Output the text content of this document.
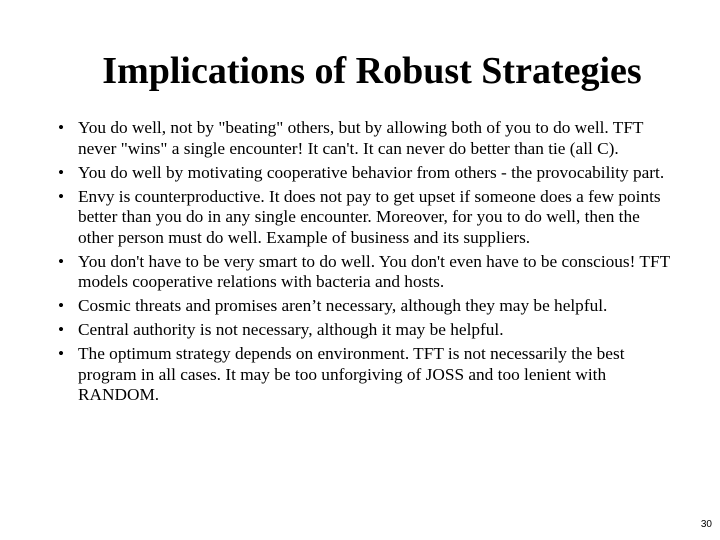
Implications of Robust Strategies
• You do well, not by "beating" others, but by allowing both of you to do well. TFT never "wins" a single encounter! It can't. It can never do better than tie (all C).
• You do well by motivating cooperative behavior from others - the provocability part.
• Envy is counterproductive. It does not pay to get upset if someone does a few points better than you do in any single encounter. Moreover, for you to do well, then the other person must do well. Example of business and its suppliers.
• You don't have to be very smart to do well. You don't even have to be conscious! TFT models cooperative relations with bacteria and hosts.
• Cosmic threats and promises aren’t necessary, although they may be helpful.
• Central authority is not necessary, although it may be helpful.
• The optimum strategy depends on environment. TFT is not necessarily the best program in all cases. It may be too unforgiving of JOSS and too lenient with RANDOM.
30
